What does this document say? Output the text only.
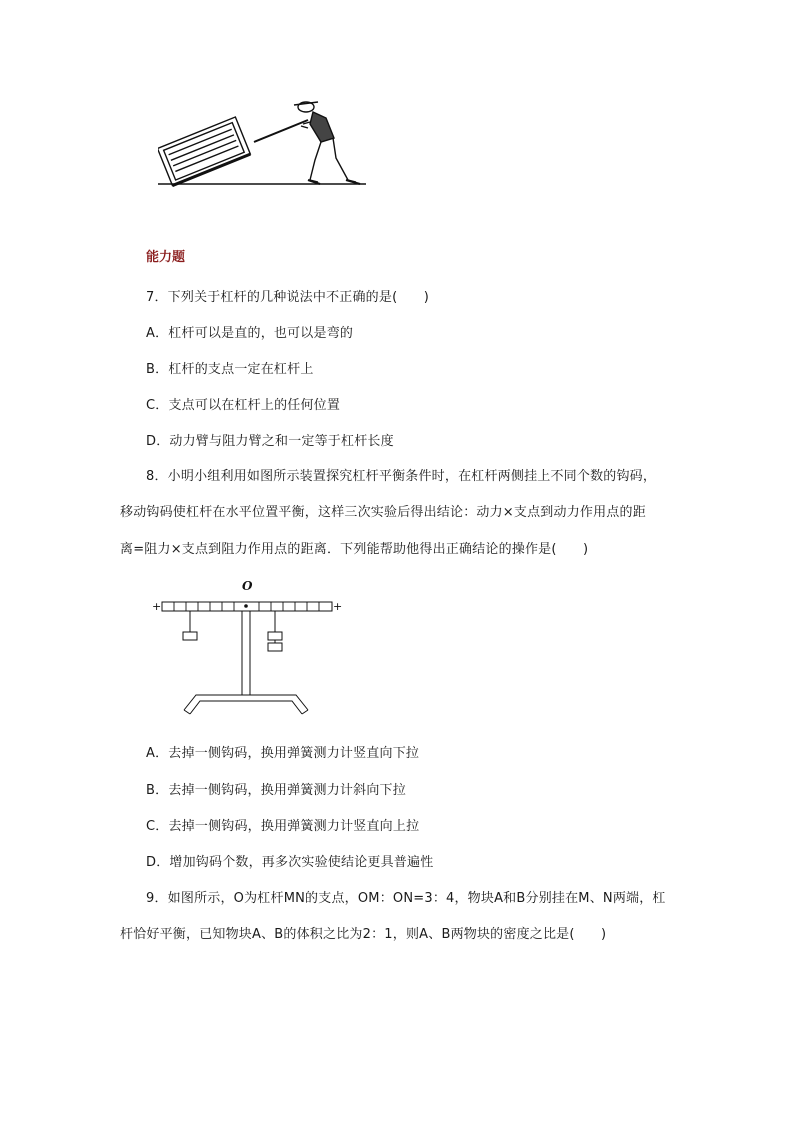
能力题
7．下列关于杠杆的几种说法中不正确的是(　　)
A．杠杆可以是直的，也可以是弯的
B．杠杆的支点一定在杠杆上
C．支点可以在杠杆上的任何位置
D．动力臂与阻力臂之和一定等于杠杆长度
8．小明小组利用如图所示装置探究杠杆平衡条件时，在杠杆两侧挂上不同个数的钩码，
移动钩码使杠杆在水平位置平衡，这样三次实验后得出结论：动力×支点到动力作用点的距
离=阻力×支点到阻力作用点的距离．下列能帮助他得出正确结论的操作是(　　)
O
+	+
A．去掉一侧钩码，换用弹簧测力计竖直向下拉
B．去掉一侧钩码，换用弹簧测力计斜向下拉
C．去掉一侧钩码，换用弹簧测力计竖直向上拉
D．增加钩码个数，再多次实验使结论更具普遍性
9．如图所示，O为杠杆MN的支点，OM：ON=3：4，物块A和B分别挂在M、N两端，杠
杆恰好平衡，已知物块A、B的体积之比为2：1，则A、B两物块的密度之比是(　　)
